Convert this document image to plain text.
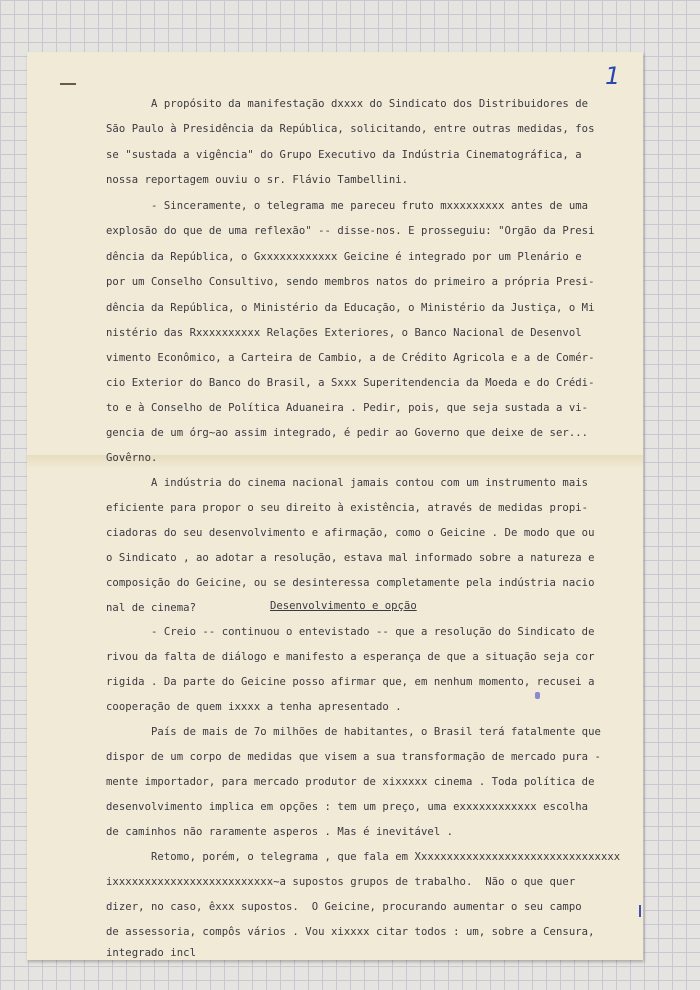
1
A propósito da manifestação dxxxx do Sindicato dos Distribuidores de
São Paulo à Presidência da República, solicitando, entre outras medidas, fos
se "sustada a vigência" do Grupo Executivo da Indústria Cinematográfica, a
nossa reportagem ouviu o sr. Flávio Tambellini.
- Sinceramente, o telegrama me pareceu fruto mxxxxxxxxx antes de uma
explosão do que de uma reflexão" -- disse-nos. E prosseguiu: "Orgão da Presi
dência da República, o Gxxxxxxxxxxxx Geicine é integrado por um Plenário e
por um Conselho Consultivo, sendo membros natos do primeiro a própria Presi-
dência da República, o Ministério da Educação, o Ministério da Justiça, o Mi
nistério das Rxxxxxxxxxx Relações Exteriores, o Banco Nacional de Desenvol
vimento Econômico, a Carteira de Cambio, a de Crédito Agricola e a de Comér-
cio Exterior do Banco do Brasil, a Sxxx Superitendencia da Moeda e do Crédi-
to e à Conselho de Política Aduaneira . Pedir, pois, que seja sustada a vi-
gencia de um órg~ao assim integrado, é pedir ao Governo que deixe de ser...
Govêrno.
A indústria do cinema nacional jamais contou com um instrumento mais
eficiente para propor o seu direito à existência, através de medidas propi-
ciadoras do seu desenvolvimento e afirmação, como o Geicine . De modo que ou
o Sindicato , ao adotar a resolução, estava mal informado sobre a natureza e
composição do Geicine, ou se desinteressa completamente pela indústria nacio
nal de cinema?	Desenvolvimento e opção
- Creio -- continuou o entevistado -- que a resolução do Sindicato de
rivou da falta de diálogo e manifesto a esperança de que a situação seja cor
rigida . Da parte do Geicine posso afirmar que, em nenhum momento, recusei a
cooperação de quem ixxxx a tenha apresentado .
País de mais de 7o milhões de habitantes, o Brasil terá fatalmente que
dispor de um corpo de medidas que visem a sua transformação de mercado pura -
mente importador, para mercado produtor de xixxxxx cinema . Toda política de
desenvolvimento implica em opções : tem um preço, uma exxxxxxxxxxxx escolha
de caminhos não raramente asperos . Mas é inevitável .
Retomo, porém, o telegrama , que fala em Xxxxxxxxxxxxxxxxxxxxxxxxxxxxxxxx
ixxxxxxxxxxxxxxxxxxxxxxxxx~a supostos grupos de trabalho.  Não o que quer
dizer, no caso, êxxx supostos.  O Geicine, procurando aumentar o seu campo
de assessoria, compôs vários . Vou xixxxx citar todos : um, sobre a Censura,
integrado incl
